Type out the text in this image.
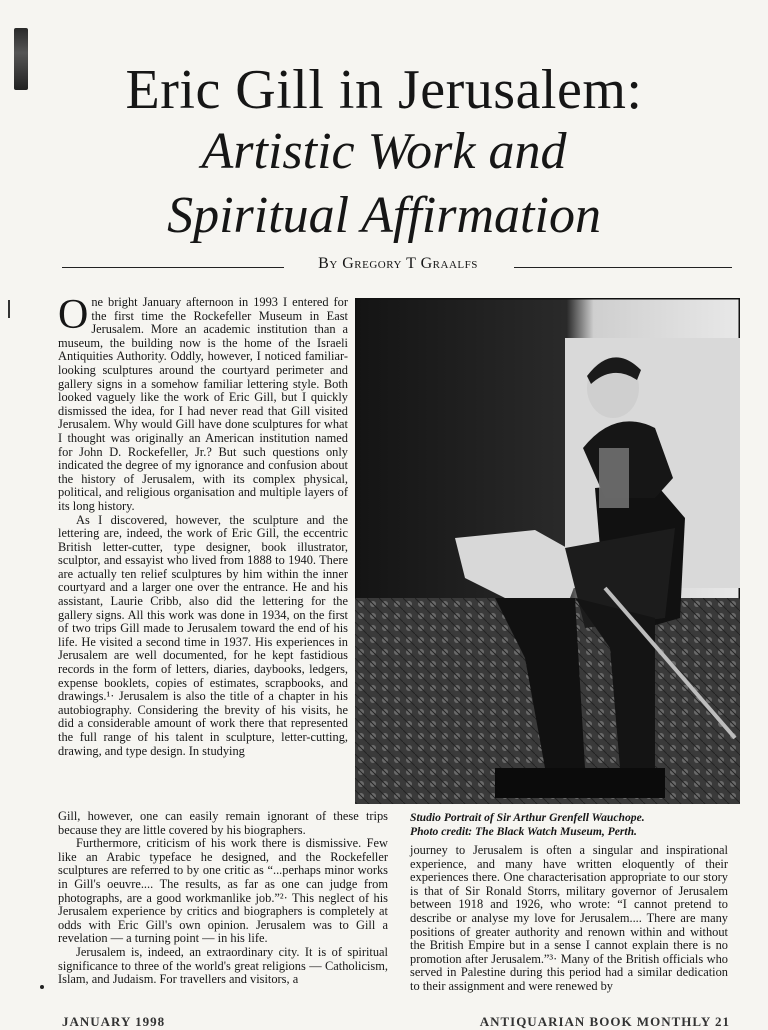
Eric Gill in Jerusalem:
Artistic Work and
Spiritual Affirmation
By Gregory T Graalfs

One bright January afternoon in 1993 I entered for the first time the Rockefeller Museum in East Jerusalem. More an academic institution than a museum, the building now is the home of the Israeli Antiquities Authority. Oddly, however, I noticed familiar-looking sculptures around the courtyard perimeter and gallery signs in a somehow familiar lettering style. Both looked vaguely like the work of Eric Gill, but I quickly dismissed the idea, for I had never read that Gill visited Jerusalem. Why would Gill have done sculptures for what I thought was originally an American institution named for John D. Rockefeller, Jr.? But such questions only indicated the degree of my ignorance and confusion about the history of Jerusalem, with its complex physical, political, and religious organisation and multiple layers of its long history.

As I discovered, however, the sculpture and the lettering are, indeed, the work of Eric Gill, the eccentric British letter-cutter, type designer, book illustrator, sculptor, and essayist who lived from 1888 to 1940. There are actually ten relief sculptures by him within the inner courtyard and a larger one over the entrance. He and his assistant, Laurie Cribb, also did the lettering for the gallery signs. All this work was done in 1934, on the first of two trips Gill made to Jerusalem toward the end of his life. He visited a second time in 1937. His experiences in Jerusalem are well documented, for he kept fastidious records in the form of letters, diaries, daybooks, ledgers, expense booklets, copies of estimates, scrapbooks, and drawings.¹· Jerusalem is also the title of a chapter in his autobiography. Considering the brevity of his visits, he did a considerable amount of work there that represented the full range of his talent in sculpture, letter-cutting, drawing, and type design. In studying

Gill, however, one can easily remain ignorant of these trips because they are little covered by his biographers.

Furthermore, criticism of his work there is dismissive. Few like an Arabic typeface he designed, and the Rockefeller sculptures are referred to by one critic as “...perhaps minor works in Gill's oeuvre.... The results, as far as one can judge from photographs, are a good workmanlike job.”²· This neglect of his Jerusalem experience by critics and biographers is completely at odds with Eric Gill's own opinion. Jerusalem was to Gill a revelation — a turning point — in his life.

Jerusalem is, indeed, an extraordinary city. It is of spiritual significance to three of the world's great religions — Catholicism, Islam, and Judaism. For travellers and visitors, a

Studio Portrait of Sir Arthur Grenfell Wauchope.

Photo credit: The Black Watch Museum, Perth.

journey to Jerusalem is often a singular and inspirational experience, and many have written eloquently of their experiences there. One characterisation appropriate to our story is that of Sir Ronald Storrs, military governor of Jerusalem between 1918 and 1926, who wrote: “I cannot pretend to describe or analyse my love for Jerusalem.... There are many positions of greater authority and renown within and without the British Empire but in a sense I cannot explain there is no promotion after Jerusalem.”³· Many of the British officials who served in Palestine during this period had a similar dedication to their assignment and were renewed by

JANUARY 1998	ANTIQUARIAN BOOK MONTHLY 21
